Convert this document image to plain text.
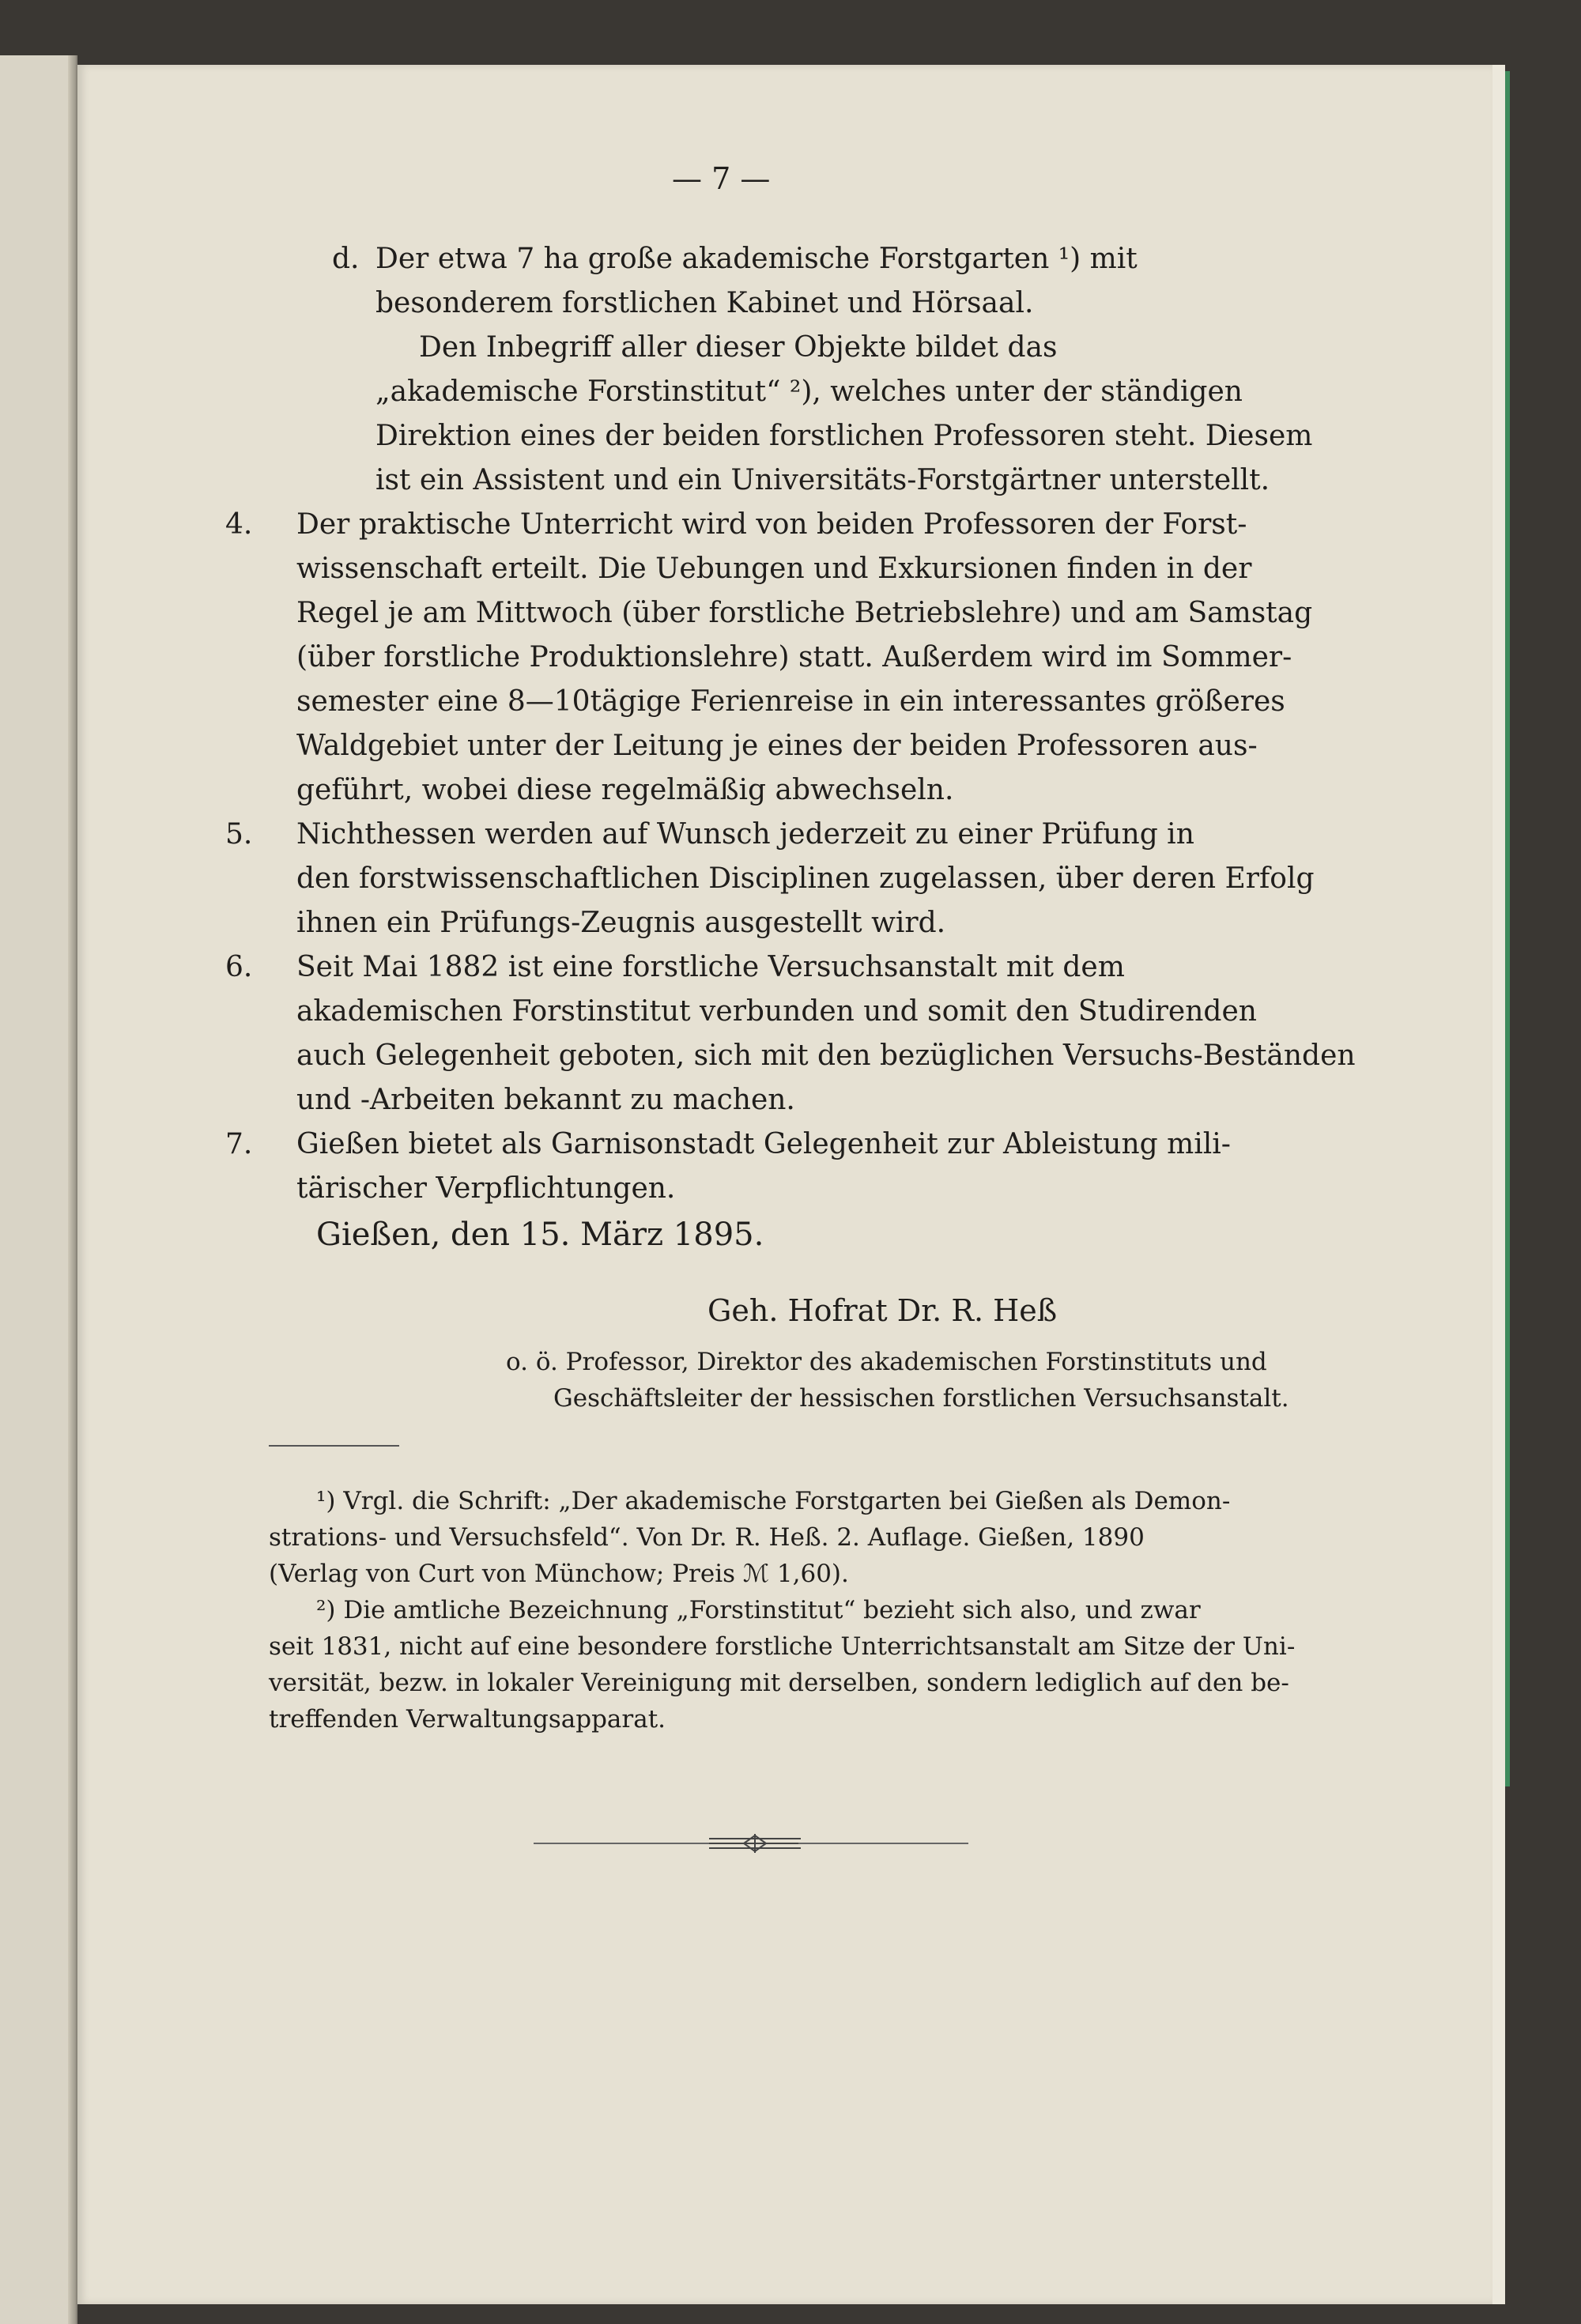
— 7 —
d. Der etwa 7 ha große akademische Forstgarten ¹) mit
besonderem forstlichen Kabinet und Hörsaal.
Den Inbegriff aller dieser Objekte bildet das
„akademische Forstinstitut“ ²), welches unter der ständigen
Direktion eines der beiden forstlichen Professoren steht. Diesem
ist ein Assistent und ein Universitäts-Forstgärtner unterstellt.
4. Der praktische Unterricht wird von beiden Professoren der Forst-
wissenschaft erteilt. Die Uebungen und Exkursionen finden in der
Regel je am Mittwoch (über forstliche Betriebslehre) und am Samstag
(über forstliche Produktionslehre) statt. Außerdem wird im Sommer-
semester eine 8—10tägige Ferienreise in ein interessantes größeres
Waldgebiet unter der Leitung je eines der beiden Professoren aus-
geführt, wobei diese regelmäßig abwechseln.
5. Nichthessen werden auf Wunsch jederzeit zu einer Prüfung in
den forstwissenschaftlichen Disciplinen zugelassen, über deren Erfolg
ihnen ein Prüfungs-Zeugnis ausgestellt wird.
6. Seit Mai 1882 ist eine forstliche Versuchsanstalt mit dem
akademischen Forstinstitut verbunden und somit den Studirenden
auch Gelegenheit geboten, sich mit den bezüglichen Versuchs-Beständen
und -Arbeiten bekannt zu machen.
7. Gießen bietet als Garnisonstadt Gelegenheit zur Ableistung mili-
tärischer Verpflichtungen.
Gießen, den 15. März 1895.
Geh. Hofrat Dr. R. Heß
o. ö. Professor, Direktor des akademischen Forstinstituts und
Geschäftsleiter der hessischen forstlichen Versuchsanstalt.
¹) Vrgl. die Schrift: „Der akademische Forstgarten bei Gießen als Demon-
strations- und Versuchsfeld“. Von Dr. R. Heß. 2. Auflage. Gießen, 1890
(Verlag von Curt von Münchow; Preis ℳ 1,60).
²) Die amtliche Bezeichnung „Forstinstitut“ bezieht sich also, und zwar
seit 1831, nicht auf eine besondere forstliche Unterrichtsanstalt am Sitze der Uni-
versität, bezw. in lokaler Vereinigung mit derselben, sondern lediglich auf den be-
treffenden Verwaltungsapparat.
